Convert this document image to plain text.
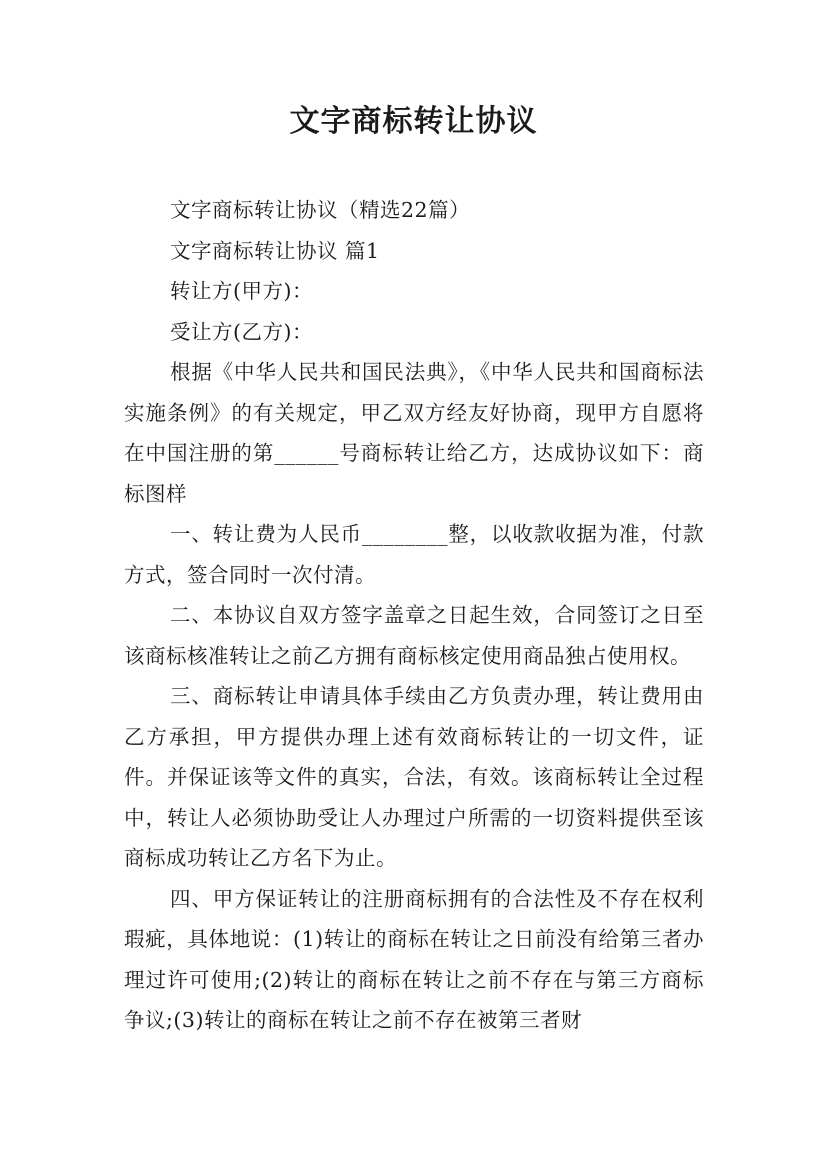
文字商标转让协议

文字商标转让协议（精选22篇）

文字商标转让协议 篇1

转让方(甲方)：

受让方(乙方)：

根据《中华人民共和国民法典》，《中华人民共和国商标法实施条例》的有关规定，甲乙双方经友好协商，现甲方自愿将在中国注册的第______号商标转让给乙方，达成协议如下：商标图样

一、转让费为人民币________整，以收款收据为准，付款方式，签合同时一次付清。

二、本协议自双方签字盖章之日起生效，合同签订之日至该商标核准转让之前乙方拥有商标核定使用商品独占使用权。

三、商标转让申请具体手续由乙方负责办理，转让费用由乙方承担，甲方提供办理上述有效商标转让的一切文件，证件。并保证该等文件的真实，合法，有效。该商标转让全过程中，转让人必须协助受让人办理过户所需的一切资料提供至该商标成功转让乙方名下为止。

四、甲方保证转让的注册商标拥有的合法性及不存在权利瑕疵，具体地说：(1)转让的商标在转让之日前没有给第三者办理过许可使用;(2)转让的商标在转让之前不存在与第三方商标争议;(3)转让的商标在转让之前不存在被第三者财
